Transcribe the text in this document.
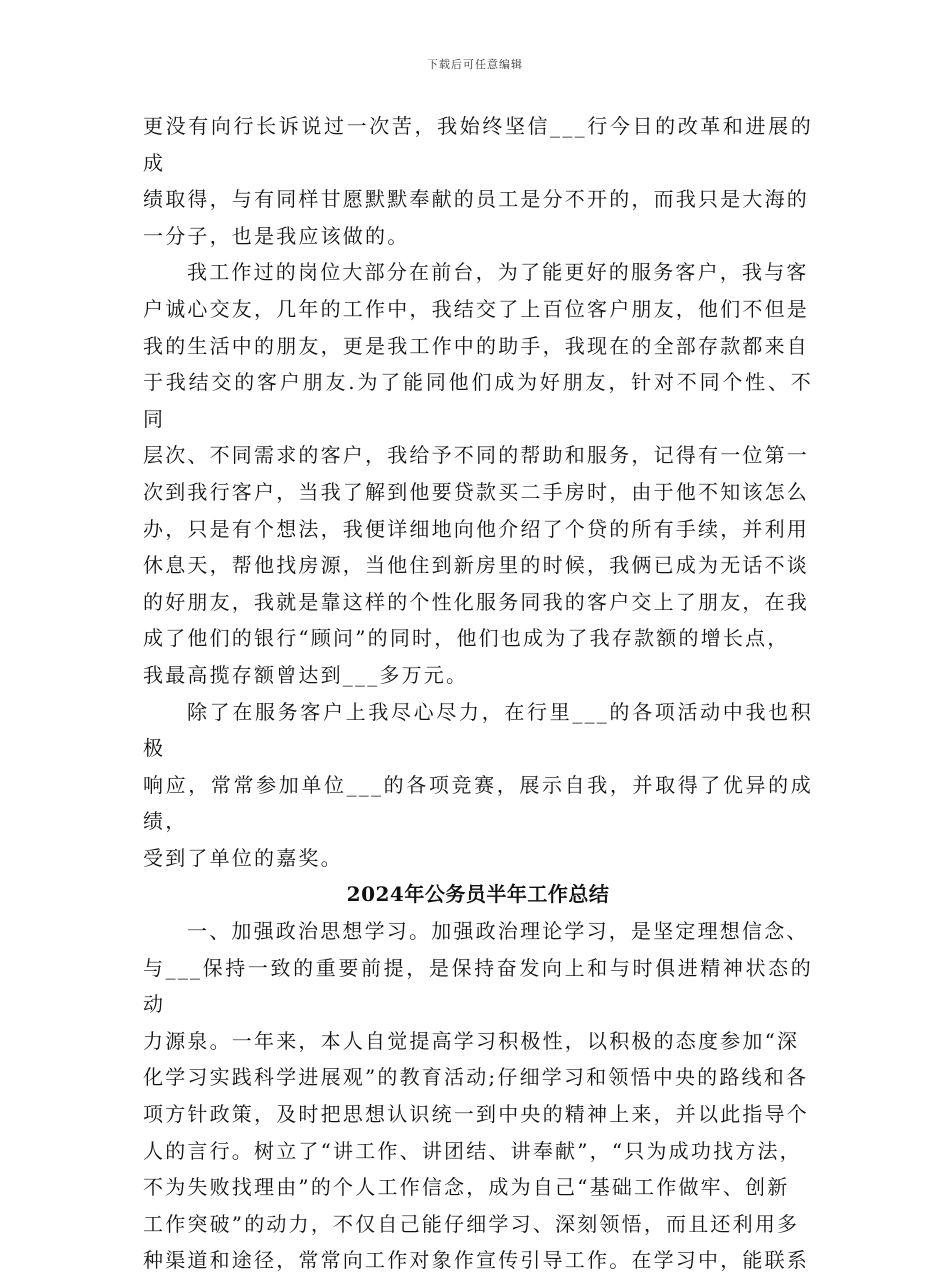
下载后可任意编辑

更没有向行长诉说过一次苦，我始终坚信___行今日的改革和进展的成
绩取得，与有同样甘愿默默奉献的员工是分不开的，而我只是大海的
一分子，也是我应该做的。

我工作过的岗位大部分在前台，为了能更好的服务客户，我与客
户诚心交友，几年的工作中，我结交了上百位客户朋友，他们不但是
我的生活中的朋友，更是我工作中的助手，我现在的全部存款都来自
于我结交的客户朋友.为了能同他们成为好朋友，针对不同个性、不同
层次、不同需求的客户，我给予不同的帮助和服务，记得有一位第一
次到我行客户，当我了解到他要贷款买二手房时，由于他不知该怎么
办，只是有个想法，我便详细地向他介绍了个贷的所有手续，并利用
休息天，帮他找房源，当他住到新房里的时候，我俩已成为无话不谈
的好朋友，我就是靠这样的个性化服务同我的客户交上了朋友，在我
成了他们的银行“顾问”的同时，他们也成为了我存款额的增长点，
我最高揽存额曾达到___多万元。

除了在服务客户上我尽心尽力，在行里___的各项活动中我也积极
响应，常常参加单位___的各项竞赛，展示自我，并取得了优异的成绩，
受到了单位的嘉奖。

2024年公务员半年工作总结

一、加强政治思想学习。加强政治理论学习，是坚定理想信念、
与___保持一致的重要前提，是保持奋发向上和与时俱进精神状态的动
力源泉。一年来，本人自觉提高学习积极性，以积极的态度参加“深
化学习实践科学进展观”的教育活动;仔细学习和领悟中央的路线和各
项方针政策，及时把思想认识统一到中央的精神上来，并以此指导个
人的言行。树立了“讲工作、讲团结、讲奉献”，“只为成功找方法，
不为失败找理由”的个人工作信念，成为自己“基础工作做牢、创新
工作突破”的动力，不仅自己能仔细学习、深刻领悟，而且还利用多
种渠道和途径，常常向工作对象作宣传引导工作。在学习中，能联系
